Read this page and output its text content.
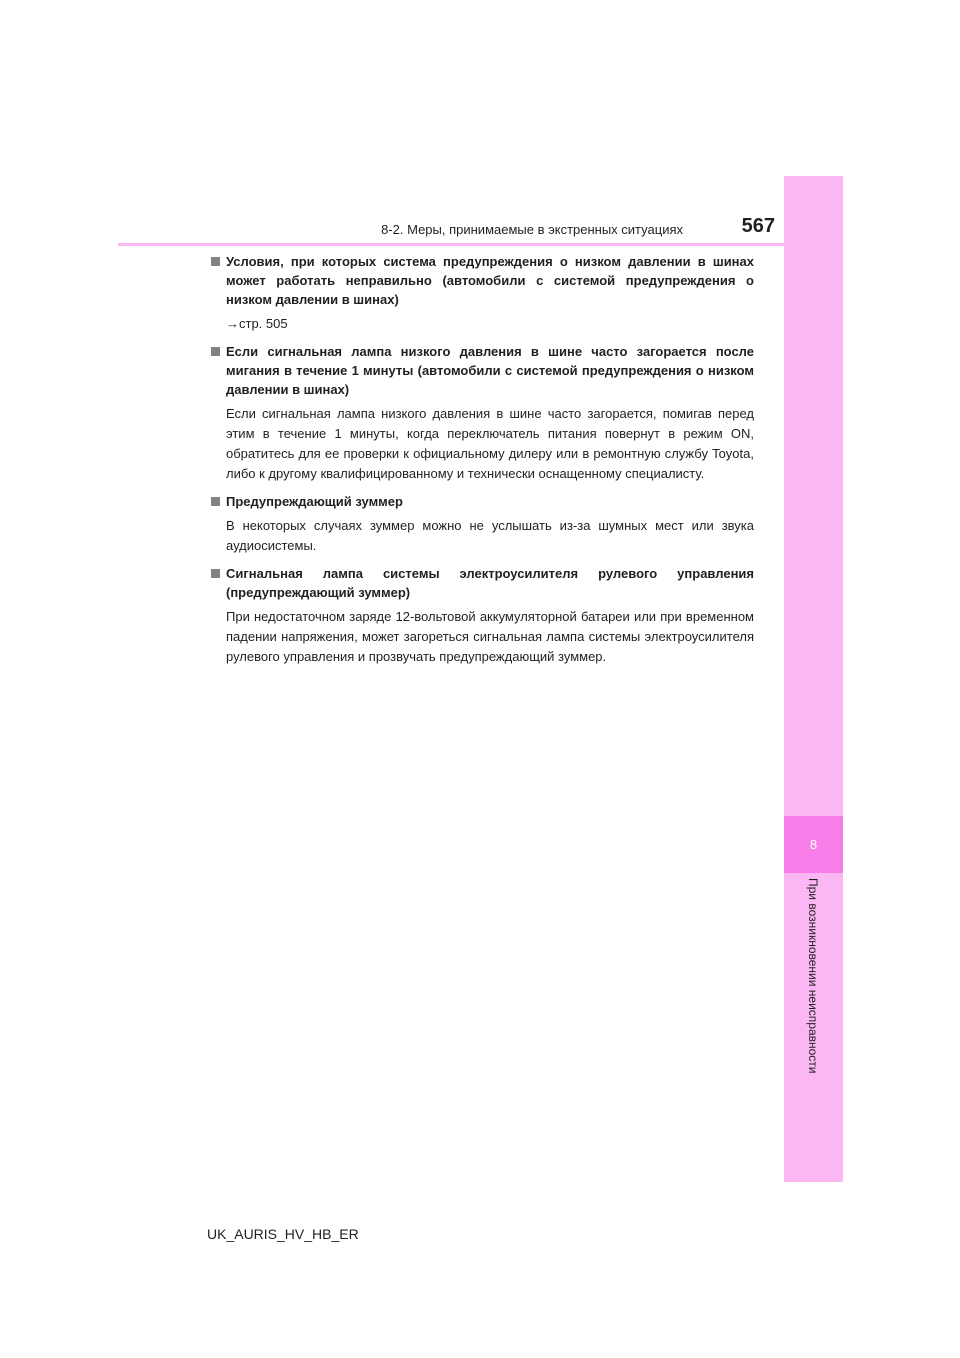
8
При возникновении неисправности
8-2. Меры, принимаемые в экстренных ситуациях	567
Условия, при которых система предупреждения о низком давлении в шинах может работать неправильно (автомобили с системой предупреждения о низком давлении в шинах)
→стр. 505
Если сигнальная лампа низкого давления в шине часто загорается после мигания в течение 1 минуты (автомобили с системой предупреждения о низком давлении в шинах)
Если сигнальная лампа низкого давления в шине часто загорается, помигав перед этим в течение 1 минуты, когда переключатель питания повернут в режим ON, обратитесь для ее проверки к официальному дилеру или в ремонтную службу Toyota, либо к другому квалифицированному и технически оснащенному специалисту.
Предупреждающий зуммер
В некоторых случаях зуммер можно не услышать из-за шумных мест или звука аудиосистемы.
Сигнальная лампа системы электроусилителя рулевого управления (предупреждающий зуммер)
При недостаточном заряде 12-вольтовой аккумуляторной батареи или при временном падении напряжения, может загореться сигнальная лампа системы электроусилителя рулевого управления и прозвучать предупреждающий зуммер.
UK_AURIS_HV_HB_ER
